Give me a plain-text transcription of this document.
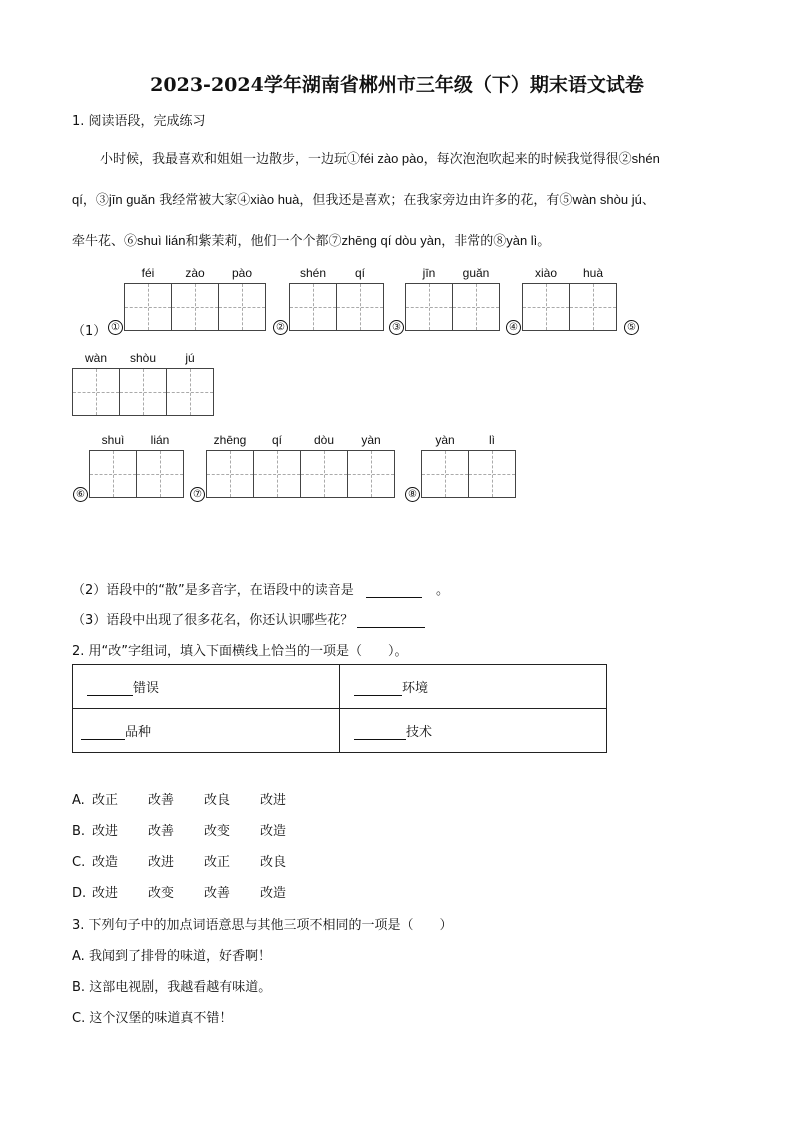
2023-2024学年湖南省郴州市三年级（下）期末语文试卷
1. 阅读语段，完成练习
小时候，我最喜欢和姐姐一边散步，一边玩①féi zào pào，每次泡泡吹起来的时候我觉得很②shén
qí，③jīn guǎn 我经常被大家④xiào huà，但我还是喜欢；在我家旁边由许多的花，有⑤wàn shòu jú、
牵牛花、⑥shuì lián和紫茉莉，他们一个个都⑦zhēng qí dòu yàn，非常的⑧yàn lì。
（1） ①
féi	zào	pào
②
shén	qí
③
jīn	guǎn
④
xiào	huà
⑤
wàn	shòu	jú
⑥
shuì	lián
⑦
zhēng	qí	dòu	yàn
⑧
yàn	lì
（2）语段中的“散”是多音字，在语段中的读音是	。
（3）语段中出现了很多花名，你还认识哪些花？
2. 用“改”字组词，填入下面横线上恰当的一项是（　　）。
错误	环境
品种	技术
A. 改正 改善 改良 改进
B. 改进 改善 改变 改造
C. 改造 改进 改正 改良
D. 改进 改变 改善 改造
3. 下列句子中的加点词语意思与其他三项不相同的一项是（　　）
A. 我闻到了排骨的味道，好香啊！
B. 这部电视剧，我越看越有味道。
C. 这个汉堡的味道真不错！
